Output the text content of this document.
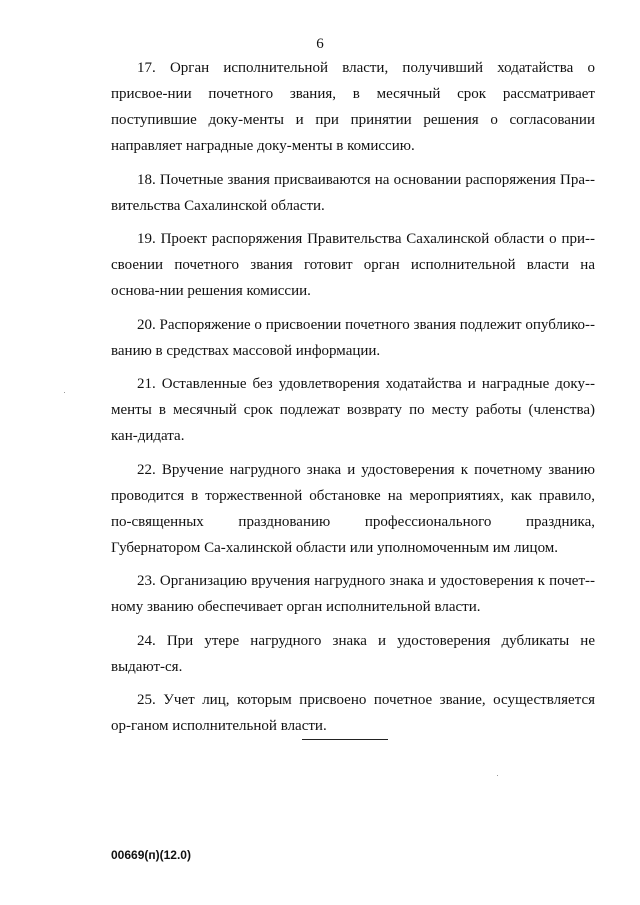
6

17. Орган исполнительной власти, получивший ходатайства о присвое-нии почетного звания, в месячный срок рассматривает поступившие доку-менты и при принятии решения о согласовании направляет наградные доку-менты в комиссию.

18. Почетные звания присваиваются на основании распоряжения Пра-вительства Сахалинской области.

19. Проект распоряжения Правительства Сахалинской области о при-своении почетного звания готовит орган исполнительной власти на основа-нии решения комиссии.

20. Распоряжение о присвоении почетного звания подлежит опублико-ванию в средствах массовой информации.

21. Оставленные без удовлетворения ходатайства и наградные доку-менты в месячный срок подлежат возврату по месту работы (членства) кан-дидата.

22. Вручение нагрудного знака и удостоверения к почетному званию проводится в торжественной обстановке на мероприятиях, как правило, по-священных празднованию профессионального праздника, Губернатором Са-халинской области или уполномоченным им лицом.

23. Организацию вручения нагрудного знака и удостоверения к почет-ному званию обеспечивает орган исполнительной власти.

24. При утере нагрудного знака и удостоверения дубликаты не выдают-ся.

25. Учет лиц, которым присвоено почетное звание, осуществляется ор-ганом исполнительной власти.

00669(п)(12.0)
